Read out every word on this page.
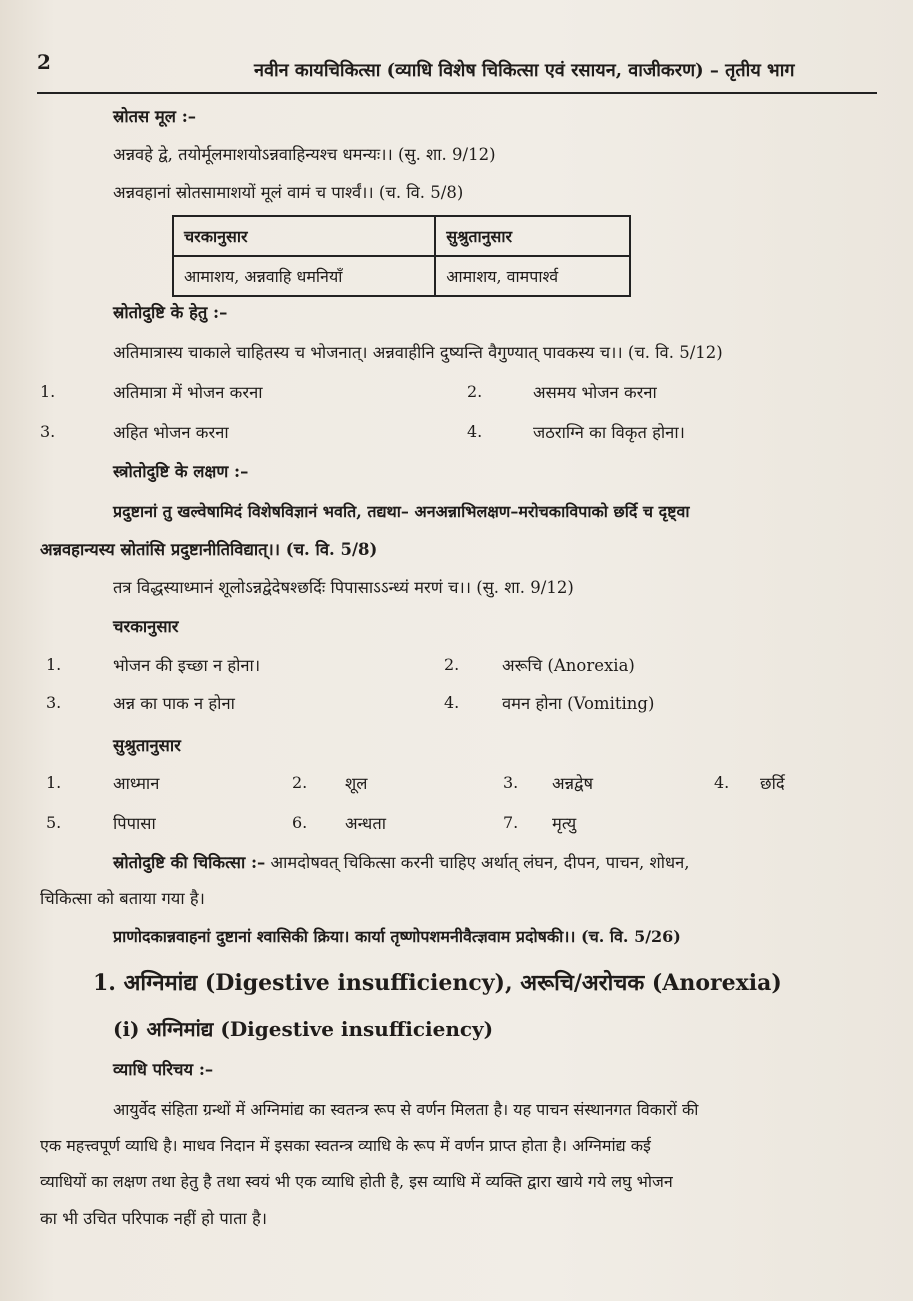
2	नवीन कायचिकित्सा (व्याधि विशेष चिकित्सा एवं रसायन, वाजीकरण) – तृतीय भाग
स्रोतस मूल :–
अन्नवहे द्वे, तयोर्मूलमाशयोऽन्नवाहिन्यश्च धमन्यः।। (सु. शा. 9/12)
अन्नवहानां स्रोतसामाशयों मूलं वामं च पार्श्वं।। (च. वि. 5/8)
चरकानुसार	सुश्रुतानुसार
आमाशय, अन्नवाहि धमनियाँ	आमाशय, वामपार्श्व
स्रोतोदुष्टि के हेतु :–
अतिमात्रास्य चाकाले चाहितस्य च भोजनात्। अन्नवाहीनि दुष्यन्ति वैगुण्यात् पावकस्य च।। (च. वि. 5/12)
1.	अतिमात्रा में भोजन करना	2.	असमय भोजन करना
3.	अहित भोजन करना	4.	जठराग्नि का विकृत होना।
स्त्रोतोदुष्टि के लक्षण :–
प्रदुष्टानां तु खल्वेषामिदं विशेषविज्ञानं भवति, तद्यथा– अनअन्नाभिलक्षण–मरोचकाविपाको छर्दि च दृष्ट्वा
अन्नवहान्यस्य स्रोतांसि प्रदुष्टानीतिविद्यात्।। (च. वि. 5/8)
तत्र विद्धस्याध्मानं शूलोऽन्नद्वेदेषश्छर्दिः पिपासाऽऽन्ध्यं मरणं च।। (सु. शा. 9/12)
चरकानुसार
1.	भोजन की इच्छा न होना।	2.	अरूचि (Anorexia)
3.	अन्न का पाक न होना	4.	वमन होना (Vomiting)
सुश्रुतानुसार
1.	आध्मान	2. शूल	3. अन्नद्वेष	4. छर्दि
5.	पिपासा	6. अन्धता	7. मृत्यु
स्रोतोदुष्टि की चिकित्सा :– आमदोषवत् चिकित्सा करनी चाहिए अर्थात् लंघन, दीपन, पाचन, शोधन,
चिकित्सा को बताया गया है।
प्राणोदकान्नवाहनां दुष्टानां श्वासिकी क्रिया। कार्या तृष्णोपशमनीवैत्ज्ञवाम प्रदोषकी।। (च. वि. 5/26)
1. अग्निमांद्य (Digestive insufficiency), अरूचि/अरोचक (Anorexia)
(i) अग्निमांद्य (Digestive insufficiency)
व्याधि परिचय :–
आयुर्वेद संहिता ग्रन्थों में अग्निमांद्य का स्वतन्त्र रूप से वर्णन मिलता है। यह पाचन संस्थानगत विकारों की
एक महत्त्वपूर्ण व्याधि है। माधव निदान में इसका स्वतन्त्र व्याधि के रूप में वर्णन प्राप्त होता है। अग्निमांद्य कई
व्याधियों का लक्षण तथा हेतु है तथा स्वयं भी एक व्याधि होती है, इस व्याधि में व्यक्ति द्वारा खाये गये लघु भोजन
का भी उचित परिपाक नहीं हो पाता है।
